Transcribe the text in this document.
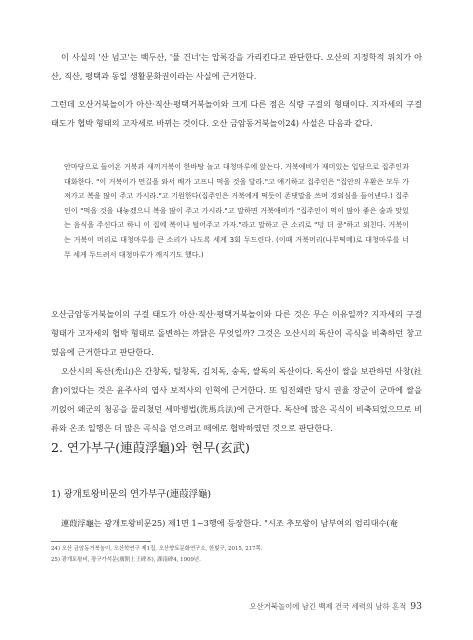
이 사실의 '산 넘고'는 백두산, '물 건너'는 압록강을 가리킨다고 판단한다. 오산의 지정학적 위치가 아산, 직산, 평택과 동일 생활문화권이라는 사실에 근거한다.

그런데 오산거북놀이가 아산·직산·평택거북놀이와 크게 다른 점은 식량 구걸의 형태이다. 지자세의 구걸 태도가 협박 형태의 고자세로 바뀌는 것이다. 오산 금암동거북놀이24) 사설은 다음과 같다.

안마당으로 들어온 거북과 새끼거북이 한바탕 놀고 대청마루에 앉는다. 거북애비가 재미있는 입담으로 집주인과 대화한다. "이 거북이가 먼길을 와서 배가 고프니 먹을 것을 달라."고 얘기하고 집주인은 "집안의 우환은 모두 가져가고 복을 많이 주고 가시라."고 기원한다(집주인은 거북에게 떡듯이 존댓말을 쓰며 경외심을 들어낸다.) 집주인이 "먹을 것을 내놓겠으니 복을 많이 주고 가시라."고 말하면 거북애비가 "집주인이 먹이 많아 좋은 술과 맛있는 음식을 주신다고 하니 이 집에 복이나 털어주고 가자."라고 말하고 큰 소리로 "덩 더 쿵"하고 외친다. 거북이는 거북이 머리로 대청마루를 큰 소리가 나도록 세게 3회 두드린다. (이때 거북머리(나무떡메)로 대청마루를 너무 세게 두드려서 대청마루가 깨지기도 했다.)

오산금암동거북놀이의 구걸 태도가 아산·직산·평택거북놀이와 다른 것은 무슨 이유일까? 지자세의 구걸 형태가 고자세의 협박 형태로 돌변하는 까닭은 무엇일까? 그것은 오산시의 독산이 곡식을 비축하던 창고였음에 근거한다고 판단한다.

오산시의 독산(禿山)은 간창독, 털창독, 김치독, 숭독, 쌀독의 독산이다. 독산이 쌀을 보관하던 사창(社倉)이었다는 것은 윤주사의 엽사 보적사의 인혁에 근거한다. 또 임진왜란 당시 권율 장군이 군마에 쌀을 끼얹어 왜군의 첨공을 물리쳤던 세마병법(洗馬兵法)에 근거한다. 독산에 많은 곡식이 비축되었으므로 비류와 온조 일행은 더 많은 곡식을 얻으려고 떼에로 협박하였던 것으로 판단한다.

2. 연가부구(連葭浮龜)와 현무(玄武)
1) 광개토왕비문의 연가부구(連葭浮龜)

連葭浮龜는 광개토왕비문25) 제1면 1~3행에 등장한다. "시조 추모왕이 남부여의 엄리대수(奄

24) 오산 금암동거북놀이, 오산학연구 제1집, 오산향토문화연구소, 한빛구, 2015, 217쪽.

25) 광개토왕비, 광구가석문(廣開土王碑本), 湖南碑4, 1909년.

오산거북놀이에 남긴 백제 건국 세력의 남하 흔적 93
